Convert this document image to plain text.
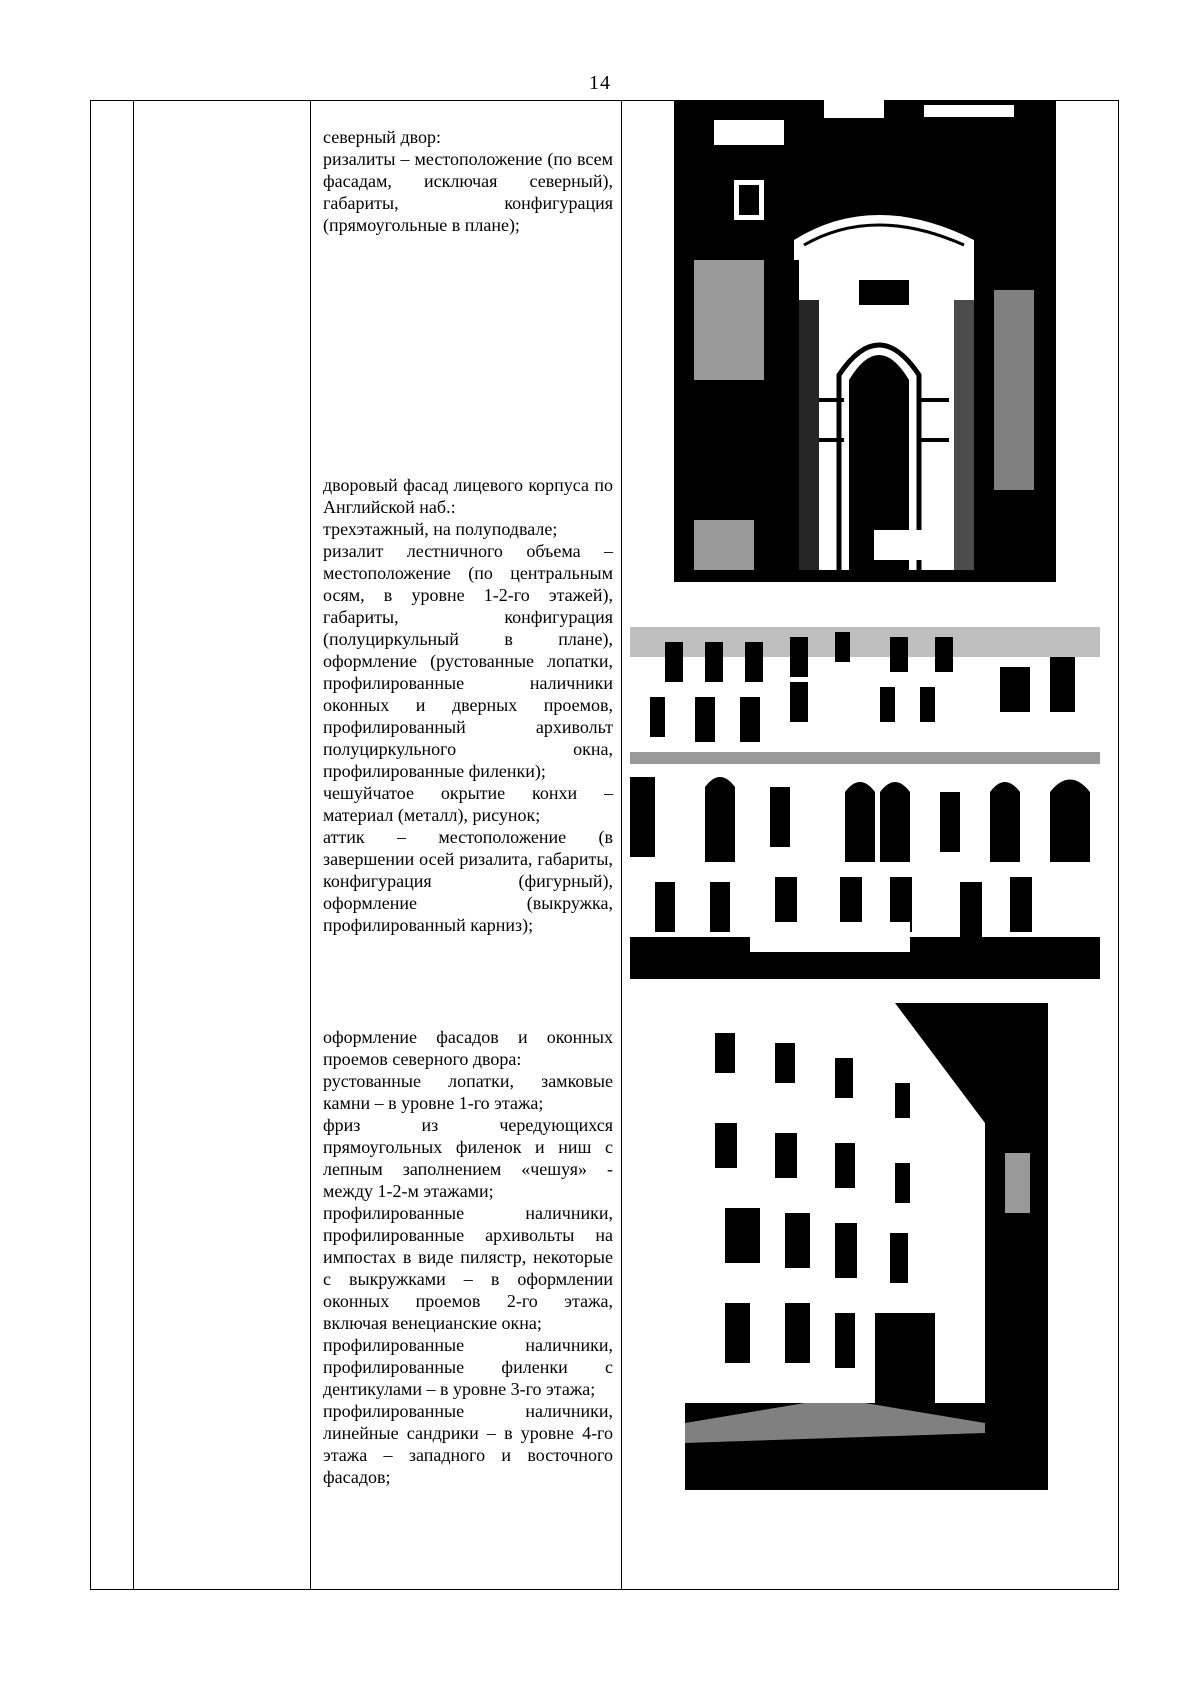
14

северный двор:

ризалиты – местоположение (по всем фасадам, исключая северный), габариты, конфигурация (прямоугольные в плане);

дворовый фасад лицевого корпуса по Английской наб.:

трехэтажный, на полуподвале;

ризалит лестничного объема – местоположение (по центральным осям, в уровне 1-2-го этажей), габариты, конфигурация (полуциркульный в плане), оформление (рустованные лопатки, профилированные наличники оконных и дверных проемов, профилированный архивольт полуциркульного окна, профилированные филенки);

чешуйчатое окрытие конхи – материал (металл), рисунок;

аттик – местоположение (в завершении осей ризалита, габариты, конфигурация (фигурный), оформление (выкружка, профилированный карниз);

оформление фасадов и оконных проемов северного двора:

рустованные лопатки, замковые камни – в уровне 1-го этажа;

фриз из чередующихся прямоугольных филенок и ниш с лепным заполнением «чешуя» - между 1-2-м этажами;

профилированные наличники, профилированные архивольты на импостах в виде пилястр, некоторые с выкружками – в оформлении оконных проемов 2-го этажа, включая венецианские окна;

профилированные наличники, профилированные филенки с дентикулами – в уровне 3-го этажа;

профилированные наличники, линейные сандрики – в уровне 4-го этажа – западного и восточного фасадов;
